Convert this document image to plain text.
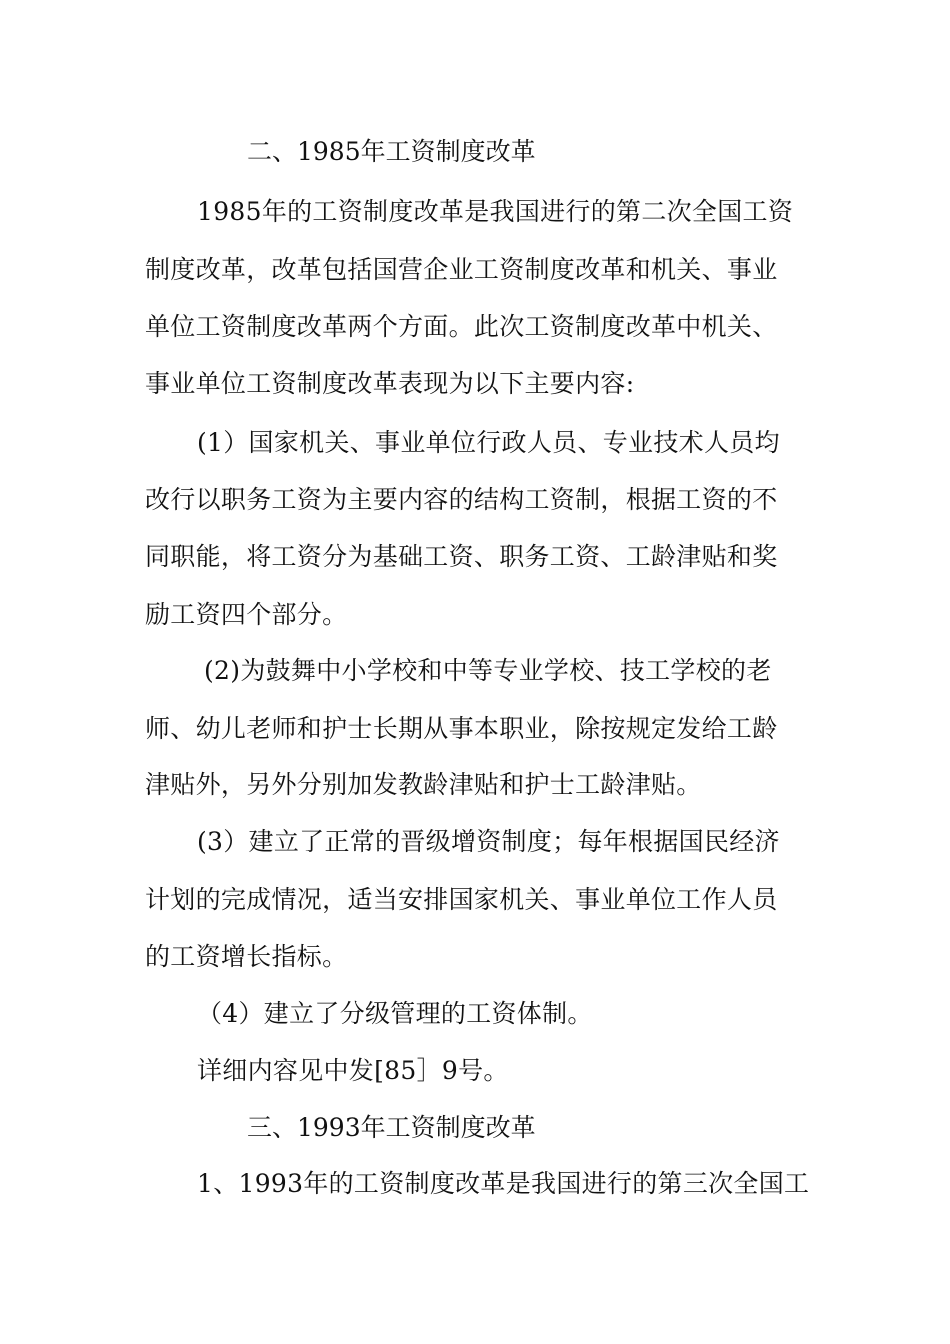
二、1985年工资制度改革
1985年的工资制度改革是我国进行的第二次全国工资
制度改革，改革包括国营企业工资制度改革和机关、事业
单位工资制度改革两个方面。此次工资制度改革中机关、
事业单位工资制度改革表现为以下主要内容:
(1）国家机关、事业单位行政人员、专业技术人员均
改行以职务工资为主要内容的结构工资制，根据工资的不
同职能，将工资分为基础工资、职务工资、工龄津贴和奖
励工资四个部分。
(2)为鼓舞中小学校和中等专业学校、技工学校的老
师、幼儿老师和护士长期从事本职业，除按规定发给工龄
津贴外，另外分别加发教龄津贴和护士工龄津贴。
(3）建立了正常的晋级增资制度；每年根据国民经济
计划的完成情况，适当安排国家机关、事业单位工作人员
的工资增长指标。
（4）建立了分级管理的工资体制。
详细内容见中发[85］9号。
三、1993年工资制度改革
1、1993年的工资制度改革是我国进行的第三次全国工
